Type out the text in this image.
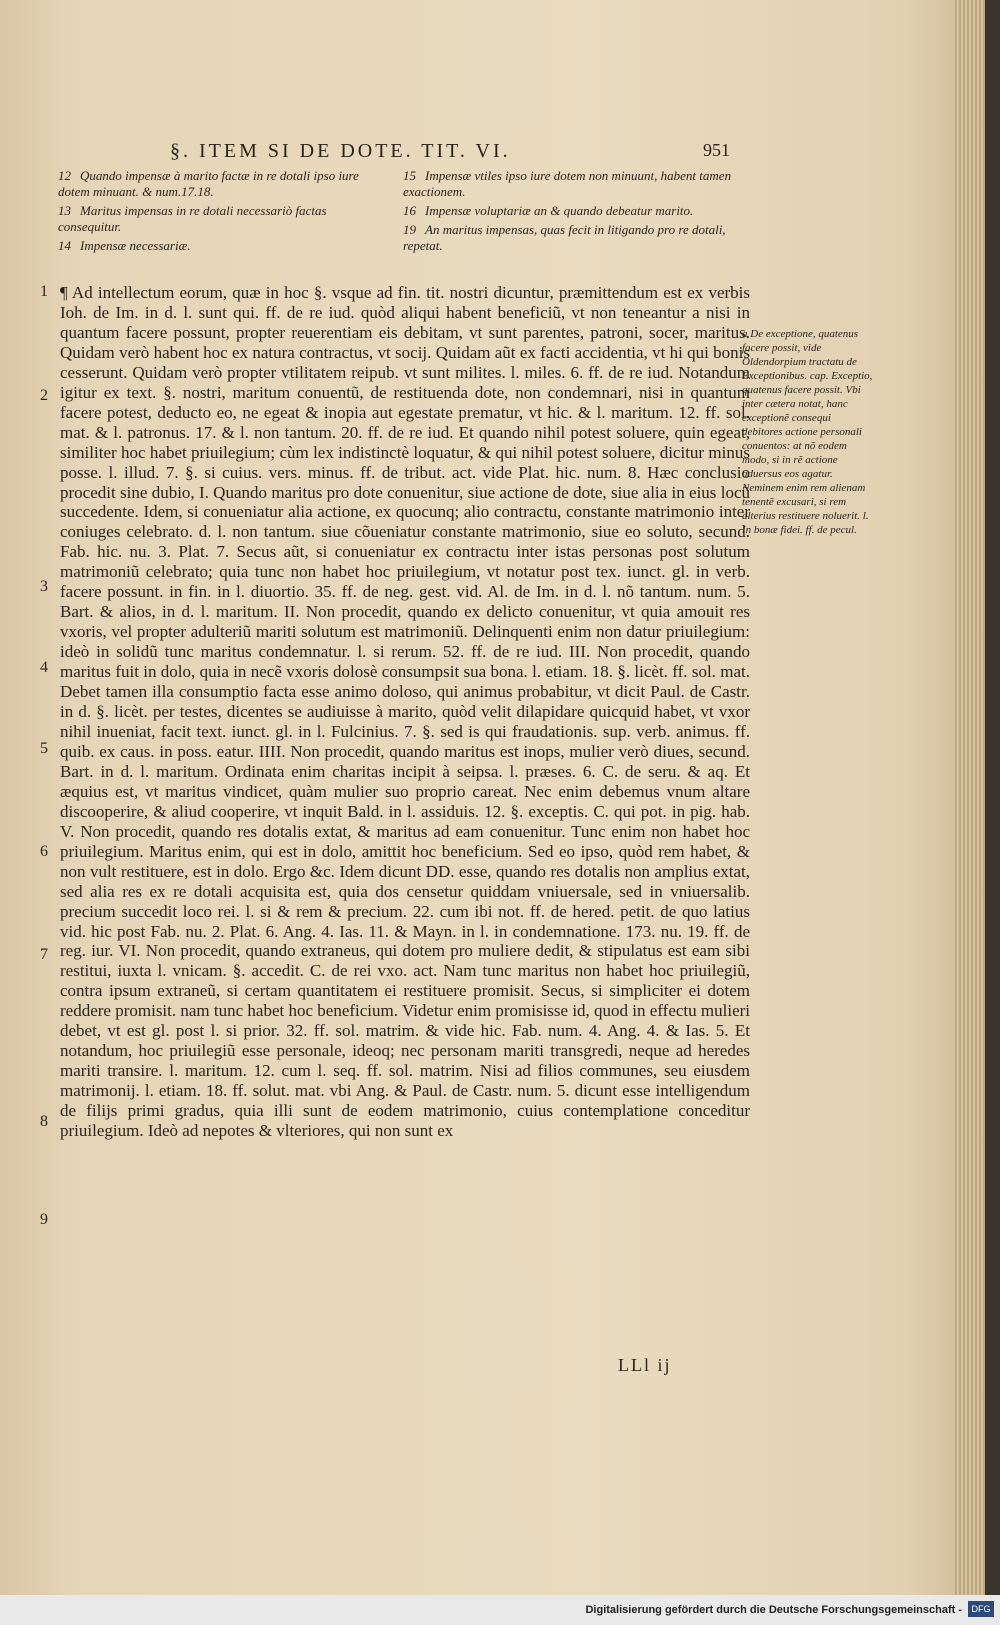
§. ITEM SI DE DOTE. TIT. VI.	951
12 Quando impensæ à marito factæ in re dotali ipso iure dotem minuant. & num.17.18.
13 Maritus impensas in re dotali necessariò factas consequitur.
14 Impensæ necessariæ.
15 Impensæ vtiles ipso iure dotem non minuunt, habent tamen exactionem.
16 Impensæ voluptariæ an & quando debeatur marito.
19 An maritus impensas, quas fecit in litigando pro re dotali, repetat.
1
2
3
4
5
6
7
8
9

¶ Ad intellectum eorum, quæ in hoc §. vsque ad fin. tit. nostri dicuntur, præmittendum est ex verbis Ioh. de Im. in d. l. sunt qui. ff. de re iud. quòd aliqui habent beneficiũ, vt non teneantur a nisi in quantum facere possunt, propter reuerentiam eis debitam, vt sunt parentes, patroni, socer, maritus. Quidam verò habent hoc ex natura contractus, vt socij. Quidam aũt ex facti accidentia, vt hi qui bonis cesserunt. Quidam verò propter vtilitatem reipub. vt sunt milites. l. miles. 6. ff. de re iud. Notandum igitur ex text. §. nostri, maritum conuentũ, de restituenda dote, non condemnari, nisi in quantum facere potest, deducto eo, ne egeat & inopia aut egestate prematur, vt hic. & l. maritum. 12. ff. sol. mat. & l. patronus. 17. & l. non tantum. 20. ff. de re iud. Et quando nihil potest soluere, quin egeat, similiter hoc habet priuilegium; cùm lex indistinctè loquatur, & qui nihil potest soluere, dicitur minus posse. l. illud. 7. §. si cuius. vers. minus. ff. de tribut. act. vide Plat. hic. num. 8. Hæc conclusio procedit sine dubio, I. Quando maritus pro dote conuenitur, siue actione de dote, siue alia in eius locũ succedente. Idem, si conueniatur alia actione, ex quocunq; alio contractu, constante matrimonio inter coniuges celebrato. d. l. non tantum. siue cõueniatur constante matrimonio, siue eo soluto, secund. Fab. hic. nu. 3. Plat. 7. Secus aũt, si conueniatur ex contractu inter istas personas post solutum matrimoniũ celebrato; quia tunc non habet hoc priuilegium, vt notatur post tex. iunct. gl. in verb. facere possunt. in fin. in l. diuortio. 35. ff. de neg. gest. vid. Al. de Im. in d. l. nõ tantum. num. 5. Bart. & alios, in d. l. maritum. II. Non procedit, quando ex delicto conuenitur, vt quia amouit res vxoris, vel propter adulteriũ mariti solutum est matrimoniũ. Delinquenti enim non datur priuilegium: ideò in solidũ tunc maritus condemnatur. l. si rerum. 52. ff. de re iud. III. Non procedit, quando maritus fuit in dolo, quia in necẽ vxoris dolosè consumpsit sua bona. l. etiam. 18. §. licèt. ff. sol. mat. Debet tamen illa consumptio facta esse animo doloso, qui animus probabitur, vt dicit Paul. de Castr. in d. §. licèt. per testes, dicentes se audiuisse à marito, quòd velit dilapidare quicquid habet, vt vxor nihil inueniat, facit text. iunct. gl. in l. Fulcinius. 7. §. sed is qui fraudationis. sup. verb. animus. ff. quib. ex caus. in poss. eatur. IIII. Non procedit, quando maritus est inops, mulier verò diues, secund. Bart. in d. l. maritum. Ordinata enim charitas incipit à seipsa. l. præses. 6. C. de seru. & aq. Et æquius est, vt maritus vindicet, quàm mulier suo proprio careat. Nec enim debemus vnum altare discooperire, & aliud cooperire, vt inquit Bald. in l. assiduis. 12. §. exceptis. C. qui pot. in pig. hab. V. Non procedit, quando res dotalis extat, & maritus ad eam conuenitur. Tunc enim non habet hoc priuilegium. Maritus enim, qui est in dolo, amittit hoc beneficium. Sed eo ipso, quòd rem habet, & non vult restituere, est in dolo. Ergo &c. Idem dicunt DD. esse, quando res dotalis non amplius extat, sed alia res ex re dotali acquisita est, quia dos censetur quiddam vniuersale, sed in vniuersalib. precium succedit loco rei. l. si & rem & precium. 22. cum ibi not. ff. de hered. petit. de quo latius vid. hic post Fab. nu. 2. Plat. 6. Ang. 4. Ias. 11. & Mayn. in l. in condemnatione. 173. nu. 19. ff. de reg. iur. VI. Non procedit, quando extraneus, qui dotem pro muliere dedit, & stipulatus est eam sibi restitui, iuxta l. vnicam. §. accedit. C. de rei vxo. act. Nam tunc maritus non habet hoc priuilegiũ, contra ipsum extraneũ, si certam quantitatem ei restituere promisit. Secus, si simpliciter ei dotem reddere promisit. nam tunc habet hoc beneficium. Videtur enim promisisse id, quod in effectu mulieri debet, vt est gl. post l. si prior. 32. ff. sol. matrim. & vide hic. Fab. num. 4. Ang. 4. & Ias. 5. Et notandum, hoc priuilegiũ esse personale, ideoq; nec personam mariti transgredi, neque ad heredes mariti transire. l. maritum. 12. cum l. seq. ff. sol. matrim. Nisi ad filios communes, seu eiusdem matrimonij. l. etiam. 18. ff. solut. mat. vbi Ang. & Paul. de Castr. num. 5. dicunt esse intelligendum de filijs primi gradus, quia illi sunt de eodem matrimonio, cuius contemplatione conceditur priuilegium. Ideò ad nepotes & vlteriores, qui non sunt ex

a De exceptione, quatenus facere possit, vide Oldendorpium tractatu de Exceptionibus. cap. Exceptio, quatenus facere possit. Vbi inter cætera notat, hanc exceptionẽ consequi debitores actione personali conuentos: at nõ eodem modo, si in rẽ actione aduersus eos agatur. Neminem enim rem alienam tenentẽ excusari, si rem alterius restituere noluerit. l. In bonæ fidei. ff. de pecul.
LLl ij
Digitalisierung gefördert durch die Deutsche Forschungsgemeinschaft -	DFG
